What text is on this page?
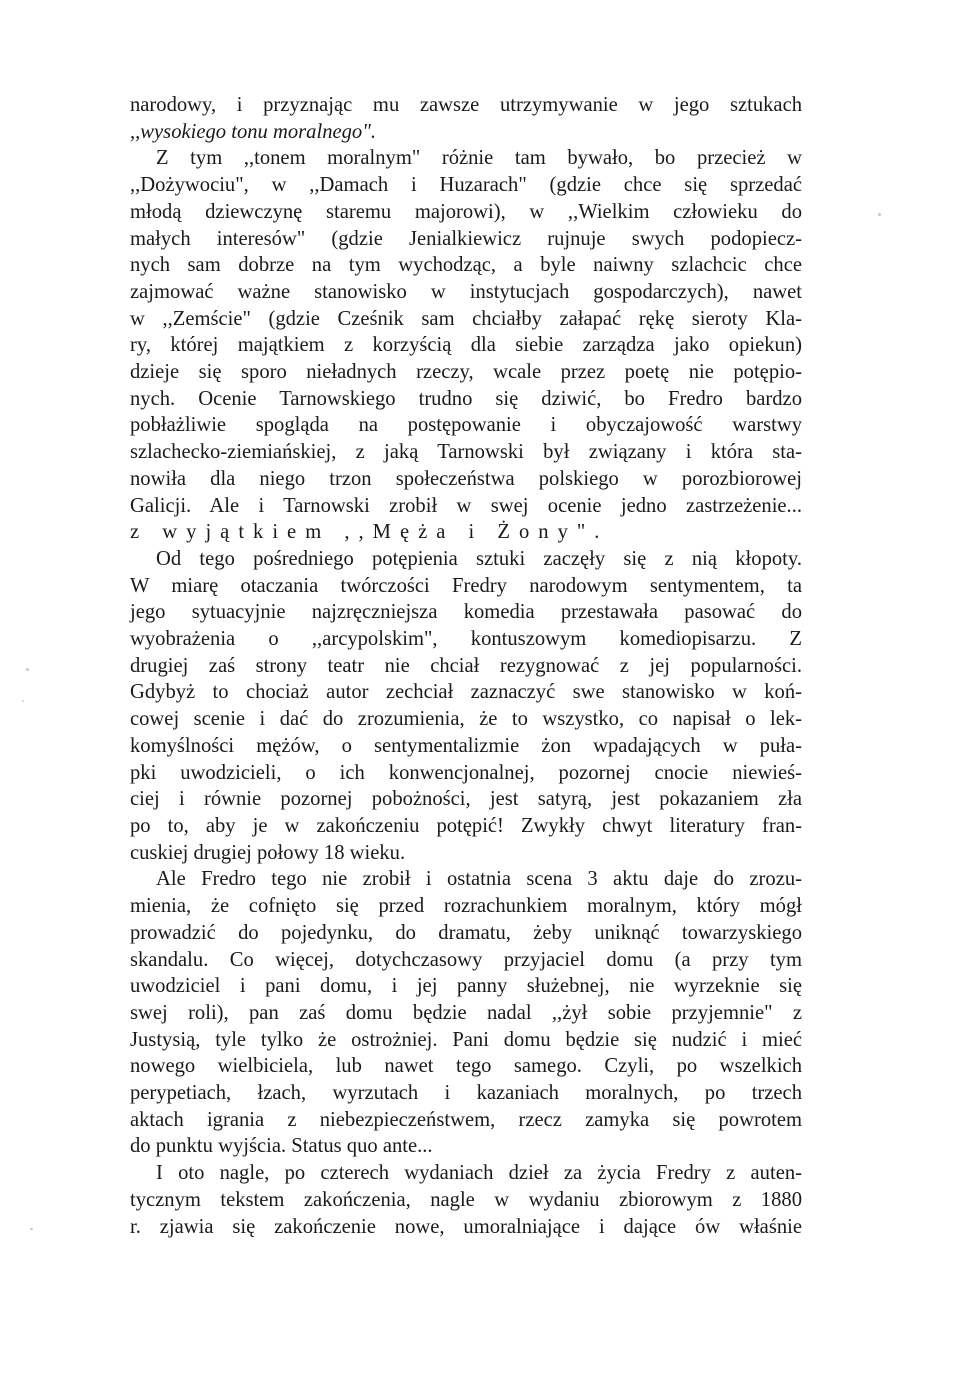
narodowy, i przyznając mu zawsze utrzymywanie w jego sztukach
,,wysokiego tonu moralnego".
Z tym ,,tonem moralnym" różnie tam bywało, bo przecież w
,,Dożywociu", w ,,Damach i Huzarach" (gdzie chce się sprzedać
młodą dziewczynę staremu majorowi), w ,,Wielkim człowieku do
małych interesów" (gdzie Jenialkiewicz rujnuje swych podopiecz-
nych sam dobrze na tym wychodząc, a byle naiwny szlachcic chce
zajmować ważne stanowisko w instytucjach gospodarczych), nawet
w ,,Zemście" (gdzie Cześnik sam chciałby załapać rękę sieroty Kla-
ry, której majątkiem z korzyścią dla siebie zarządza jako opiekun)
dzieje się sporo nieładnych rzeczy, wcale przez poetę nie potępio-
nych. Ocenie Tarnowskiego trudno się dziwić, bo Fredro bardzo
pobłażliwie spogląda na postępowanie i obyczajowość warstwy
szlachecko-ziemiańskiej, z jaką Tarnowski był związany i która sta-
nowiła dla niego trzon społeczeństwa polskiego w porozbiorowej
Galicji. Ale i Tarnowski zrobił w swej ocenie jedno zastrzeżenie...
z wyjątkiem ,,Męża i Żony".
Od tego pośredniego potępienia sztuki zaczęły się z nią kłopoty.
W miarę otaczania twórczości Fredry narodowym sentymentem, ta
jego sytuacyjnie najzręczniejsza komedia przestawała pasować do
wyobrażenia o ,,arcypolskim", kontuszowym komediopisarzu. Z
drugiej zaś strony teatr nie chciał rezygnować z jej popularności.
Gdybyż to chociaż autor zechciał zaznaczyć swe stanowisko w koń-
cowej scenie i dać do zrozumienia, że to wszystko, co napisał o lek-
komyślności mężów, o sentymentalizmie żon wpadających w puła-
pki uwodzicieli, o ich konwencjonalnej, pozornej cnocie niewieś-
ciej i równie pozornej pobożności, jest satyrą, jest pokazaniem zła
po to, aby je w zakończeniu potępić! Zwykły chwyt literatury fran-
cuskiej drugiej połowy 18 wieku.
Ale Fredro tego nie zrobił i ostatnia scena 3 aktu daje do zrozu-
mienia, że cofnięto się przed rozrachunkiem moralnym, który mógł
prowadzić do pojedynku, do dramatu, żeby uniknąć towarzyskiego
skandalu. Co więcej, dotychczasowy przyjaciel domu (a przy tym
uwodziciel i pani domu, i jej panny służebnej, nie wyrzeknie się
swej roli), pan zaś domu będzie nadal ,,żył sobie przyjemnie" z
Justysią, tyle tylko że ostrożniej. Pani domu będzie się nudzić i mieć
nowego wielbiciela, lub nawet tego samego. Czyli, po wszelkich
perypetiach, łzach, wyrzutach i kazaniach moralnych, po trzech
aktach igrania z niebezpieczeństwem, rzecz zamyka się powrotem
do punktu wyjścia. Status quo ante...
I oto nagle, po czterech wydaniach dzieł za życia Fredry z auten-
tycznym tekstem zakończenia, nagle w wydaniu zbiorowym z 1880
r. zjawia się zakończenie nowe, umoralniające i dające ów właśnie
